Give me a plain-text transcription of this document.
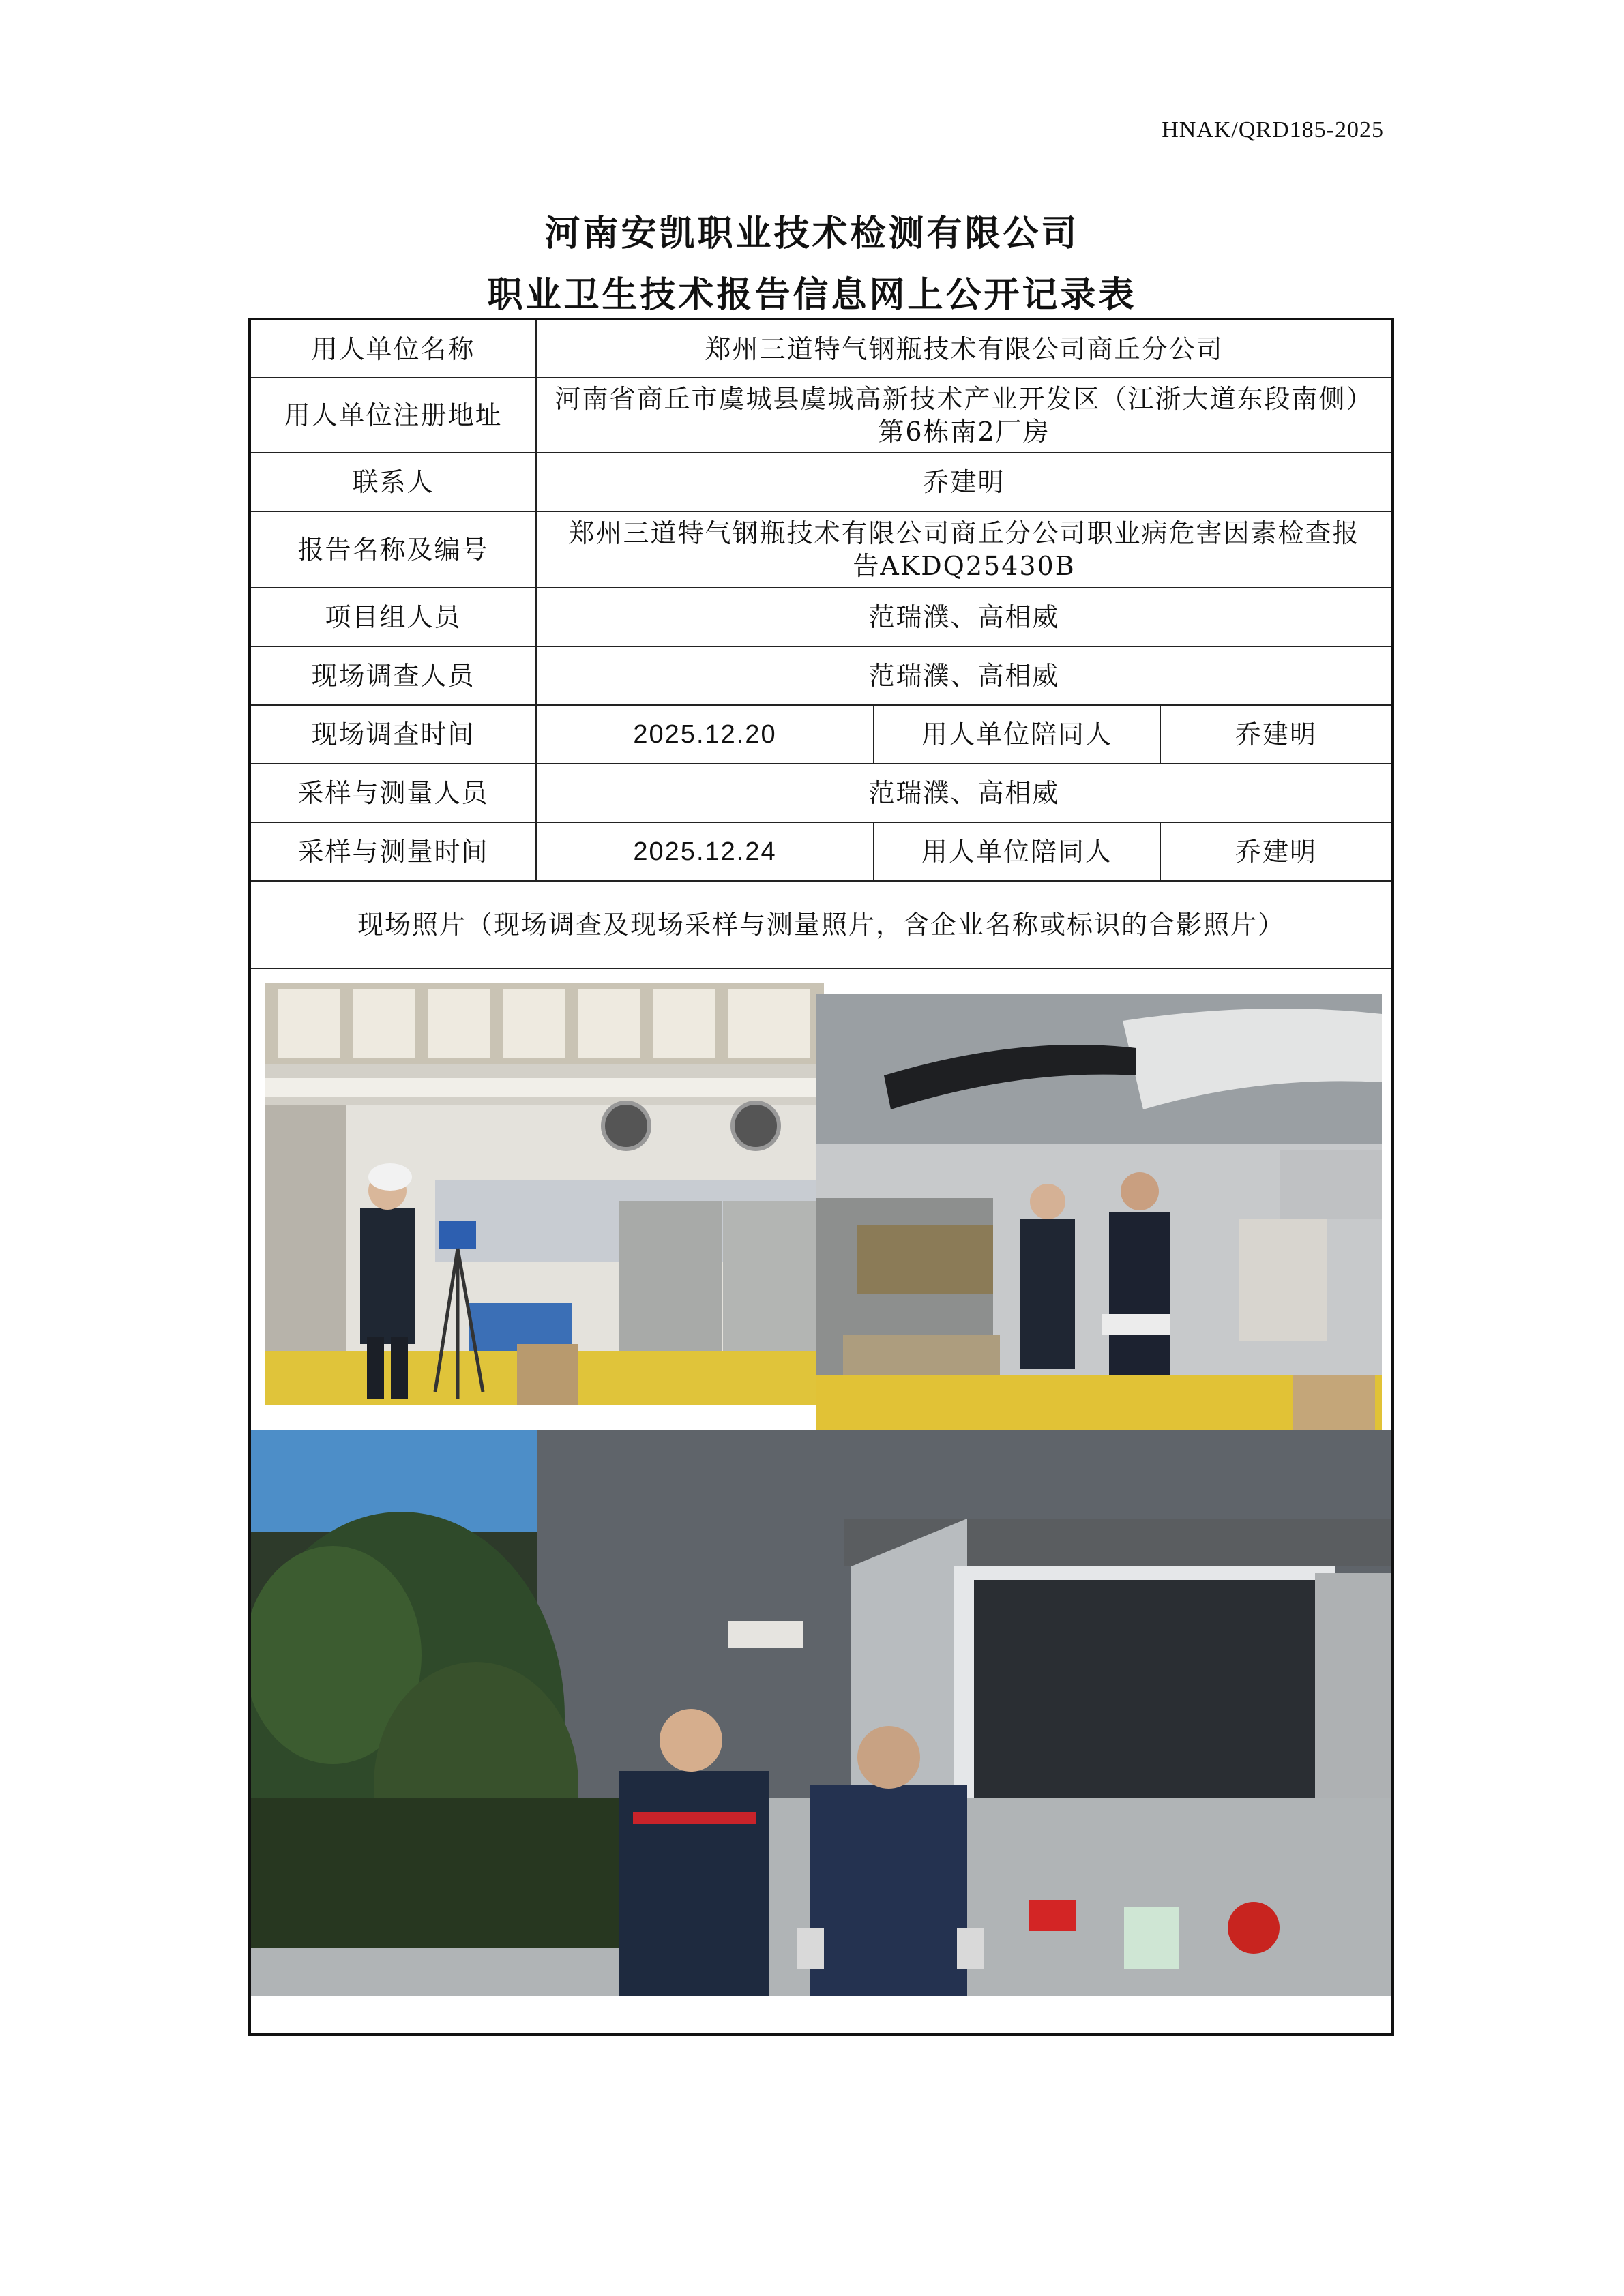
HNAK/QRD185-2025
河南安凯职业技术检测有限公司
职业卫生技术报告信息网上公开记录表
用人单位名称	郑州三道特气钢瓶技术有限公司商丘分公司		
用人单位注册地址	河南省商丘市虞城县虞城高新技术产业开发区（江浙大道东段南侧）
第6栋南2厂房		

联系人	乔建明		
报告名称及编号	郑州三道特气钢瓶技术有限公司商丘分公司职业病危害因素检查报
告AKDQ25430B		

项目组人员	范瑞濮、高相威		
现场调查人员	范瑞濮、高相威		
现场调查时间	2025.12.20	用人单位陪同人	乔建明
采样与测量人员	范瑞濮、高相威		
采样与测量时间	2025.12.24	用人单位陪同人	乔建明
现场照片（现场调查及现场采样与测量照片，含企业名称或标识的合影照片）			
